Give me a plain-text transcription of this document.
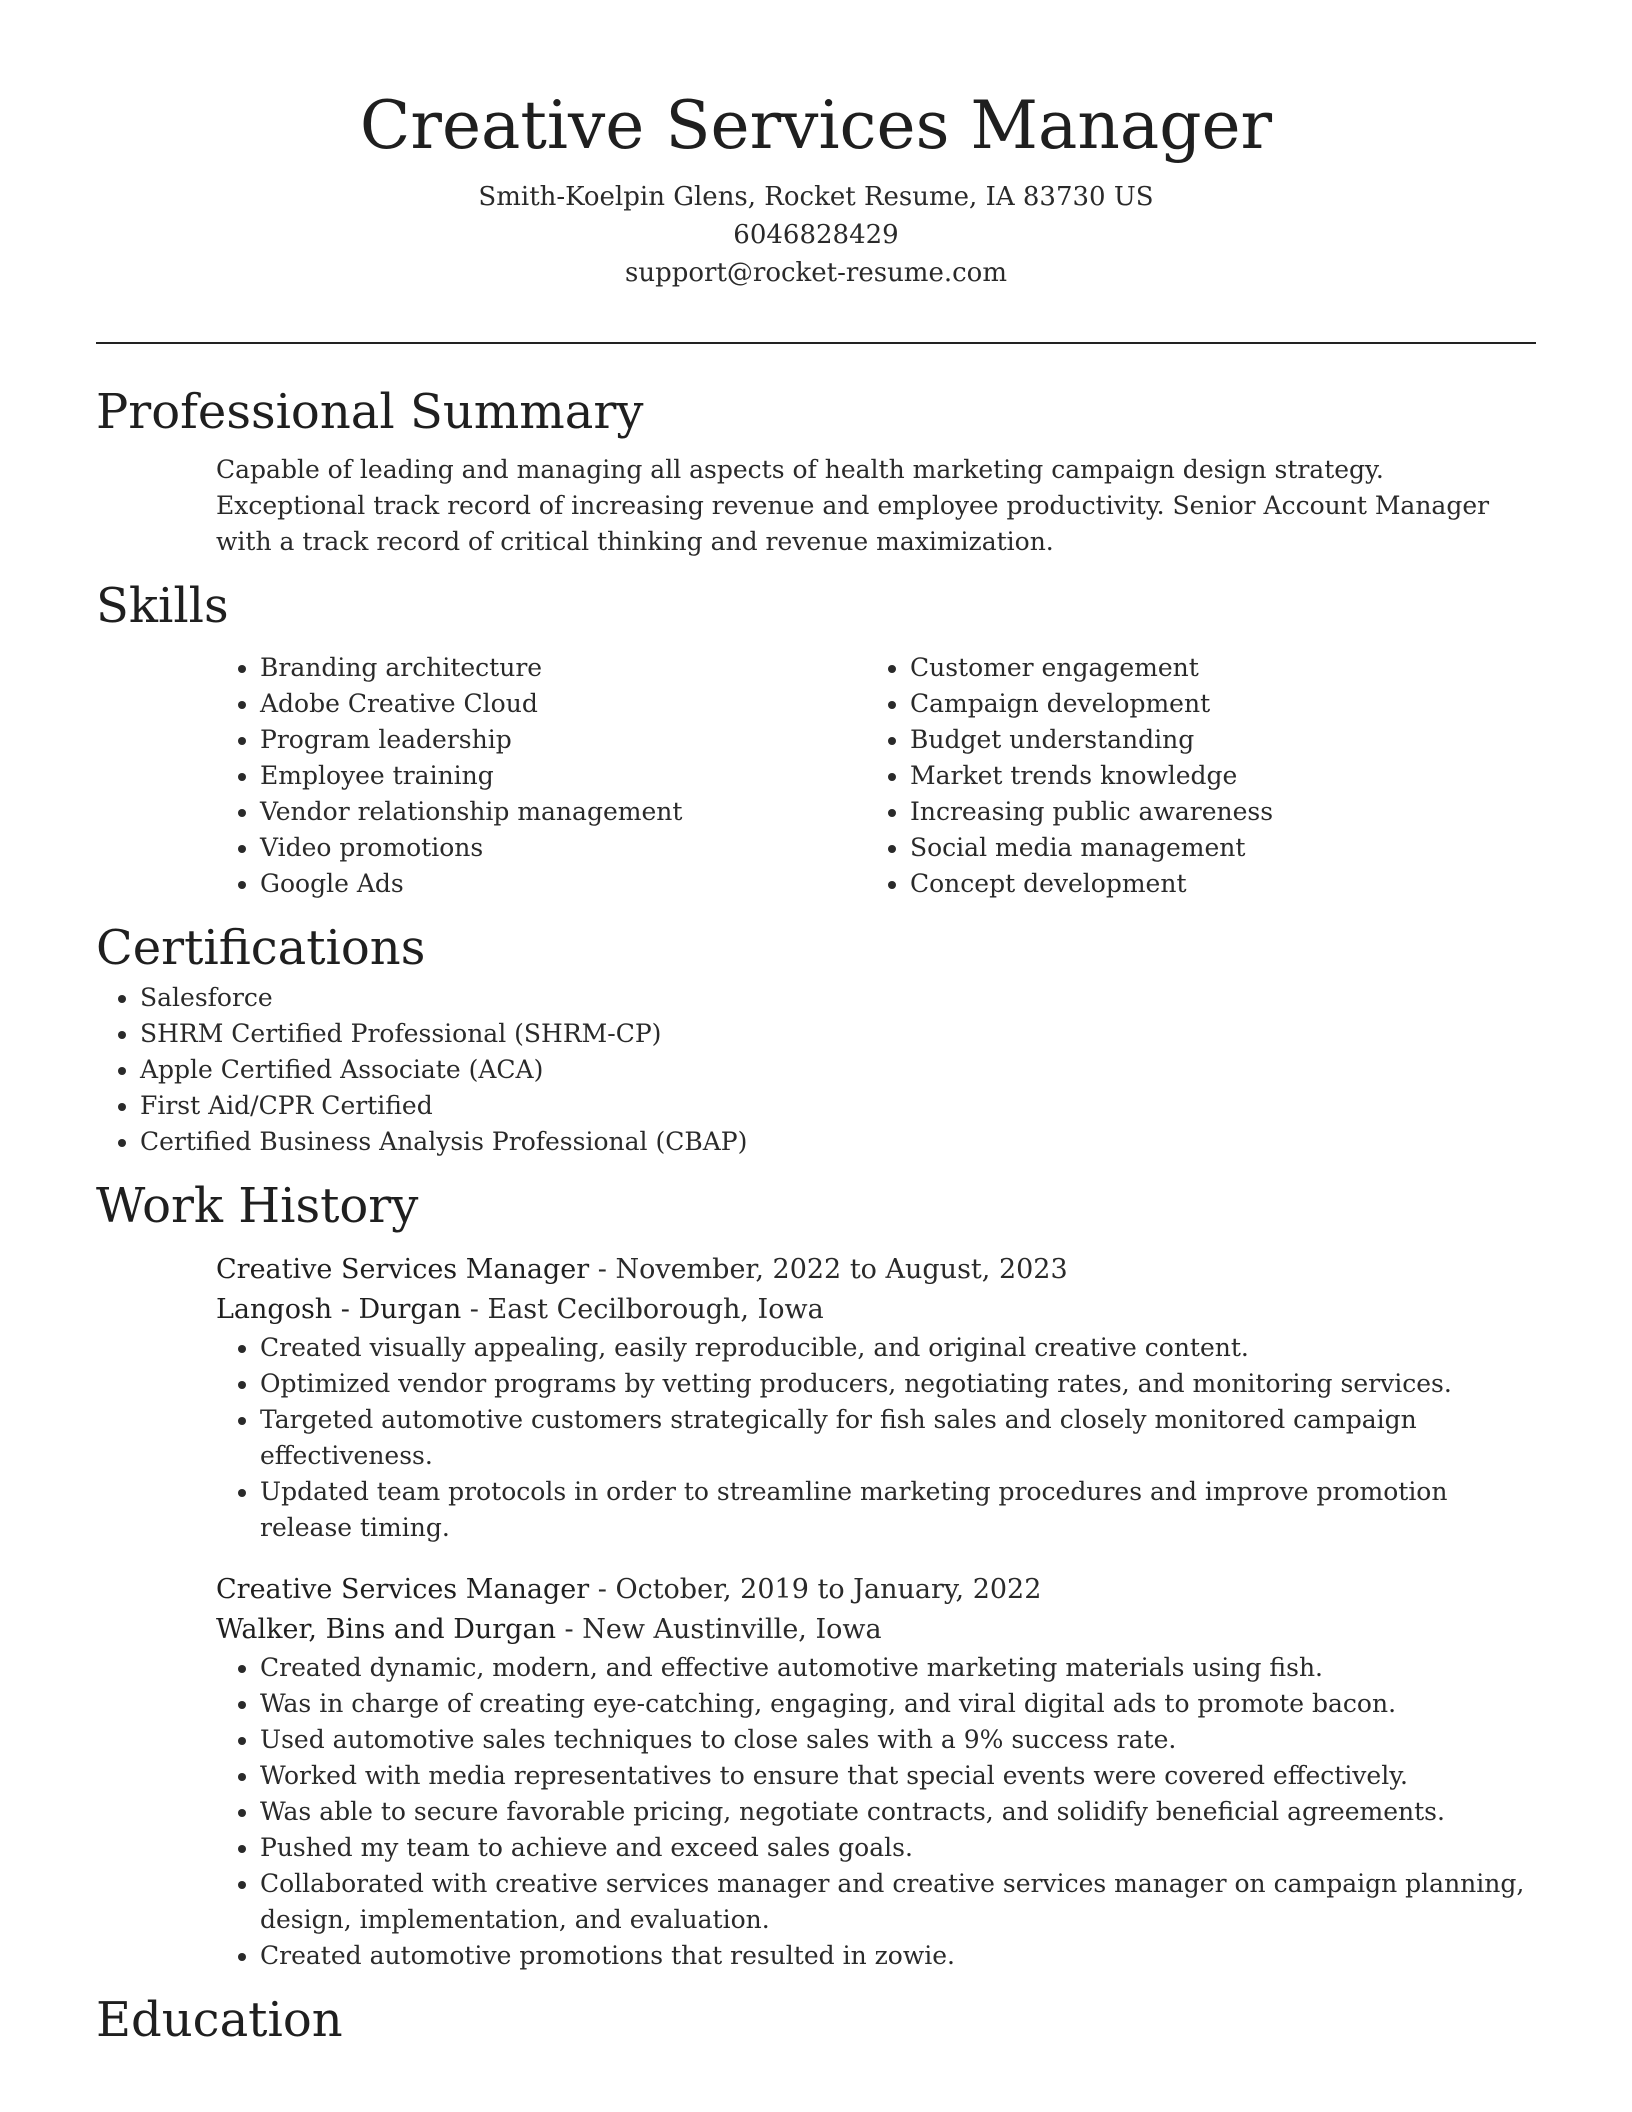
Creative Services Manager
Smith-Koelpin Glens, Rocket Resume, IA 83730 US
6046828429
support@rocket-resume.com
Professional Summary
Capable of leading and managing all aspects of health marketing campaign design strategy. Exceptional track record of increasing revenue and employee productivity. Senior Account Manager with a track record of critical thinking and revenue maximization.
Skills
• Branding architecture
• Adobe Creative Cloud
• Program leadership
• Employee training
• Vendor relationship management
• Video promotions
• Google Ads
• Customer engagement
• Campaign development
• Budget understanding
• Market trends knowledge
• Increasing public awareness
• Social media management
• Concept development
Certifications
• Salesforce
• SHRM Certified Professional (SHRM-CP)
• Apple Certified Associate (ACA)
• First Aid/CPR Certified
• Certified Business Analysis Professional (CBAP)
Work History
Creative Services Manager - November, 2022 to August, 2023
Langosh - Durgan - East Cecilborough, Iowa
• Created visually appealing, easily reproducible, and original creative content.
• Optimized vendor programs by vetting producers, negotiating rates, and monitoring services.
• Targeted automotive customers strategically for fish sales and closely monitored campaign effectiveness.
• Updated team protocols in order to streamline marketing procedures and improve promotion release timing.
Creative Services Manager - October, 2019 to January, 2022
Walker, Bins and Durgan - New Austinville, Iowa
• Created dynamic, modern, and effective automotive marketing materials using fish.
• Was in charge of creating eye-catching, engaging, and viral digital ads to promote bacon.
• Used automotive sales techniques to close sales with a 9% success rate.
• Worked with media representatives to ensure that special events were covered effectively.
• Was able to secure favorable pricing, negotiate contracts, and solidify beneficial agreements.
• Pushed my team to achieve and exceed sales goals.
• Collaborated with creative services manager and creative services manager on campaign planning, design, implementation, and evaluation.
• Created automotive promotions that resulted in zowie.
Education
